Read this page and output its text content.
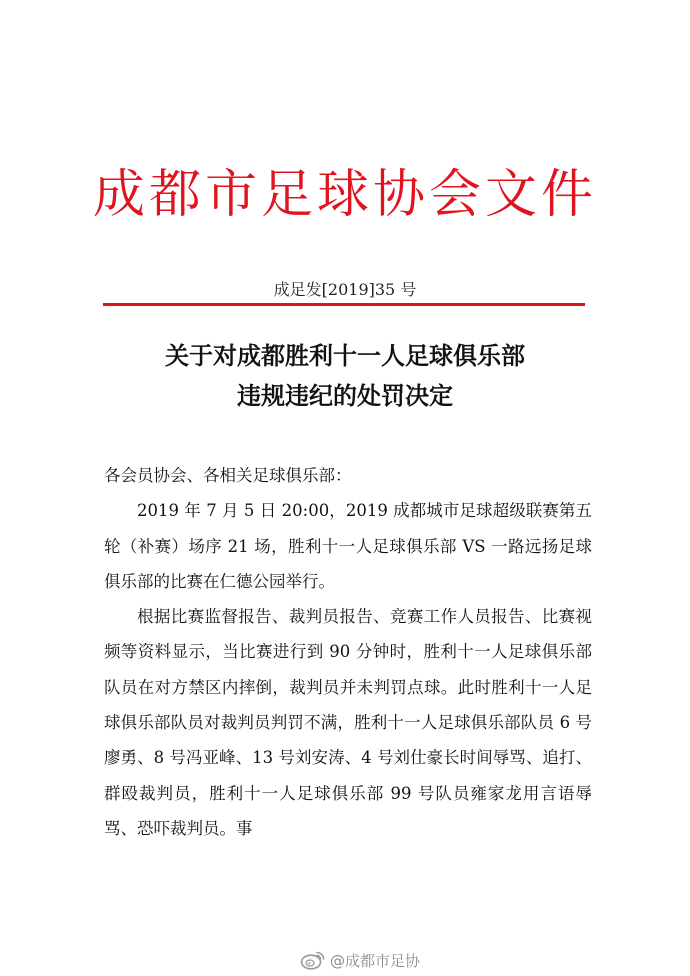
成都市足球协会文件
成足发[2019]35 号
关于对成都胜利十一人足球俱乐部
违规违纪的处罚决定

各会员协会、各相关足球俱乐部：

2019 年 7 月 5 日 20:00，2019 成都城市足球超级联赛第五轮（补赛）场序 21 场，胜利十一人足球俱乐部 VS 一路远扬足球俱乐部的比赛在仁德公园举行。

根据比赛监督报告、裁判员报告、竞赛工作人员报告、比赛视频等资料显示，当比赛进行到 90 分钟时，胜利十一人足球俱乐部队员在对方禁区内摔倒，裁判员并未判罚点球。此时胜利十一人足球俱乐部队员对裁判员判罚不满，胜利十一人足球俱乐部队员 6 号廖勇、8 号冯亚峰、13 号刘安涛、4 号刘仕豪长时间辱骂、追打、群殴裁判员，胜利十一人足球俱乐部 99 号队员雍家龙用言语辱骂、恐吓裁判员。事

@成都市足协
